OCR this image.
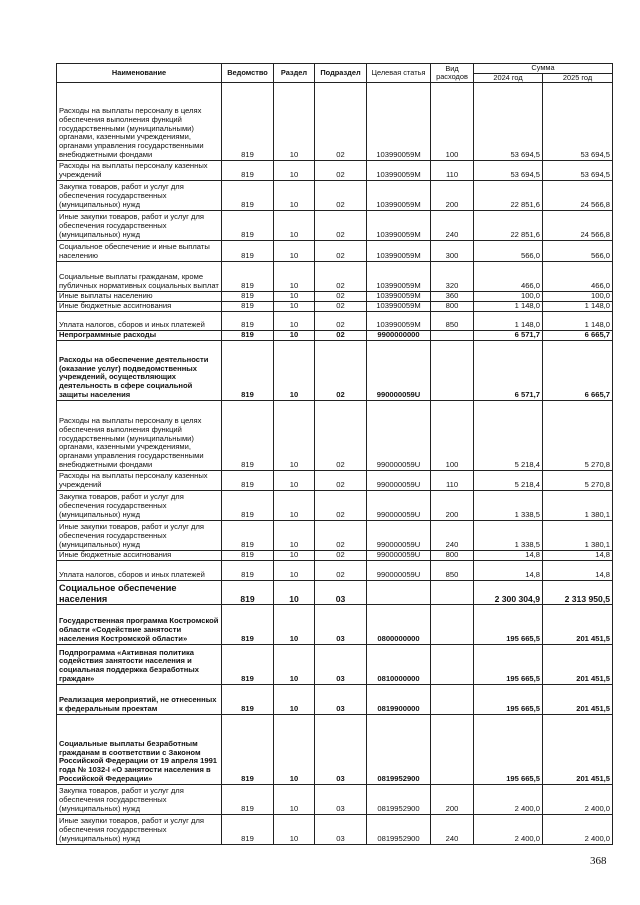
Наименование	Ведомство	Раздел	Подраздел	Целевая статья	Вид расходов	Сумма	
						2024 год	2025 год
Расходы на выплаты персоналу в целях обеспечения выполнения функций государственными (муниципальными) органами, казенными учреждениями, органами управления государственными внебюджетными фондами	819	10	02	103990059M	100	53 694,5	53 694,5
Расходы на выплаты персоналу казенных учреждений	819	10	02	103990059M	110	53 694,5	53 694,5
Закупка товаров, работ и услуг для обеспечения государственных (муниципальных) нужд	819	10	02	103990059M	200	22 851,6	24 566,8
Иные закупки товаров, работ и услуг для обеспечения государственных (муниципальных) нужд	819	10	02	103990059M	240	22 851,6	24 566,8
Социальное обеспечение и иные выплаты населению	819	10	02	103990059M	300	566,0	566,0
Социальные выплаты гражданам, кроме публичных нормативных социальных выплат	819	10	02	103990059M	320	466,0	466,0
Иные выплаты населению	819	10	02	103990059M	360	100,0	100,0
Иные бюджетные ассигнования	819	10	02	103990059M	800	1 148,0	1 148,0
Уплата налогов, сборов и иных платежей	819	10	02	103990059M	850	1 148,0	1 148,0
Непрограммные расходы	819	10	02	9900000000		6 571,7	6 665,7
Расходы на обеспечение деятельности (оказание услуг) подведомственных учреждений, осуществляющих деятельность в сфере социальной защиты населения	819	10	02	990000059U		6 571,7	6 665,7
Расходы на выплаты персоналу в целях обеспечения выполнения функций государственными (муниципальными) органами, казенными учреждениями, органами управления государственными внебюджетными фондами	819	10	02	990000059U	100	5 218,4	5 270,8
Расходы на выплаты персоналу казенных учреждений	819	10	02	990000059U	110	5 218,4	5 270,8
Закупка товаров, работ и услуг для обеспечения государственных (муниципальных) нужд	819	10	02	990000059U	200	1 338,5	1 380,1
Иные закупки товаров, работ и услуг для обеспечения государственных (муниципальных) нужд	819	10	02	990000059U	240	1 338,5	1 380,1
Иные бюджетные ассигнования	819	10	02	990000059U	800	14,8	14,8
Уплата налогов, сборов и иных платежей	819	10	02	990000059U	850	14,8	14,8
Социальное обеспечение населения	819	10	03			2 300 304,9	2 313 950,5
Государственная программа Костромской области «Содействие занятости населения Костромской области»	819	10	03	0800000000		195 665,5	201 451,5
Подпрограмма «Активная политика содействия занятости населения и социальная поддержка безработных граждан»	819	10	03	0810000000		195 665,5	201 451,5
Реализация мероприятий, не отнесенных к федеральным проектам	819	10	03	0819900000		195 665,5	201 451,5
Социальные выплаты безработным гражданам в соответствии с Законом Российской Федерации от 19 апреля 1991 года № 1032-I «О занятости населения в Российской Федерации»	819	10	03	0819952900		195 665,5	201 451,5
Закупка товаров, работ и услуг для обеспечения государственных (муниципальных) нужд	819	10	03	0819952900	200	2 400,0	2 400,0
Иные закупки товаров, работ и услуг для обеспечения государственных (муниципальных) нужд	819	10	03	0819952900	240	2 400,0	2 400,0
368
